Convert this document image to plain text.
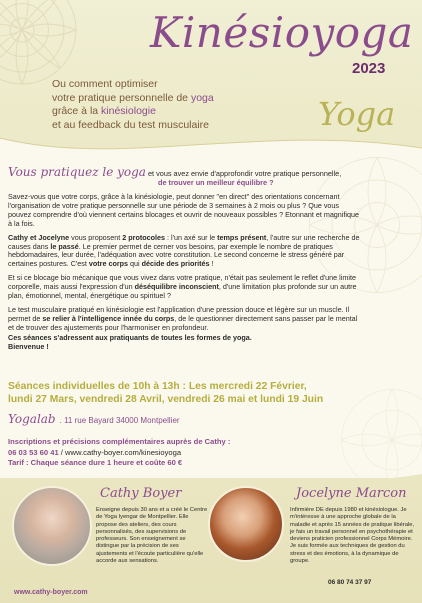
Kinésioyoga
2023
Ou comment optimiser
votre pratique personnelle de yoga
grâce à la kinésiologie
et au feedback du test musculaire	Yoga
Vous pratiquez le yoga et vous avez envie d'approfondir votre pratique personnelle,
de trouver un meilleur équilibre ?

Savez-vous que votre corps, grâce à la kinésiologie, peut donner "en direct" des orientations concernant l'organisation de votre pratique personnelle sur une période de 3 semaines à 2 mois ou plus ? Que vous pouvez comprendre d'où viennent certains blocages et ouvrir de nouveaux possibles ? Etonnant et magnifique à la fois.

Cathy et Jocelyne vous proposent 2 protocoles : l'un axé sur le temps présent, l'autre sur une recherche de causes dans le passé. Le premier permet de cerner vos besoins, par exemple le nombre de pratiques hebdomadaires, leur durée, l'adéquation avec votre constitution. Le second concerne le stress généré par certaines postures. C'est votre corps qui décide des priorités !

Et si ce blocage bio mécanique que vous vivez dans votre pratique, n'était pas seulement le reflet d'une limite corporelle, mais aussi l'expression d'un déséquilibre inconscient, d'une limitation plus profonde sur un autre plan, émotionnel, mental, énergétique ou spirituel ?

Le test musculaire pratiqué en kinésiologie est l'application d'une pression douce et légère sur un muscle. Il permet de se relier à l'intelligence innée du corps, de le questionner directement sans passer par le mental et de trouver des ajustements pour l'harmoniser en profondeur.

Ces séances s'adressent aux pratiquants de toutes les formes de yoga.
Bienvenue !

Séances individuelles de 10h à 13h : Les mercredi 22 Février,
lundi 27 Mars, vendredi 28 Avril, vendredi 26 mai et lundi 19 Juin
Yogalab . 11 rue Bayard 34000 Montpellier
Inscriptions et précisions complémentaires auprès de Cathy :
06 03 53 60 41 / www.cathy-boyer.com/kinesioyoga
Tarif : Chaque séance dure 1 heure et coûte 60 €
Cathy Boyer
Enseigne depuis 30 ans et a créé le Centre de Yoga Iyengar de Montpellier. Elle propose des ateliers, des cours personnalisés, des supervisions de professeurs. Son enseignement se distingue par la précision de ses ajustements et l'écoute particulière qu'elle accorde aux sensations.
www.cathy-boyer.com
Jocelyne Marcon
Infirmière DE depuis 1980 et kinésiologue. Je m'intéresse à une approche globale de la maladie et après 15 années de pratique libérale, je fais un travail personnel en psychothérapie et deviens praticien professionnel Corps Mémoire. Je suis formée aux techniques de gestion du stress et des émotions, à la dynamique de groupe.
06 80 74 37 97
